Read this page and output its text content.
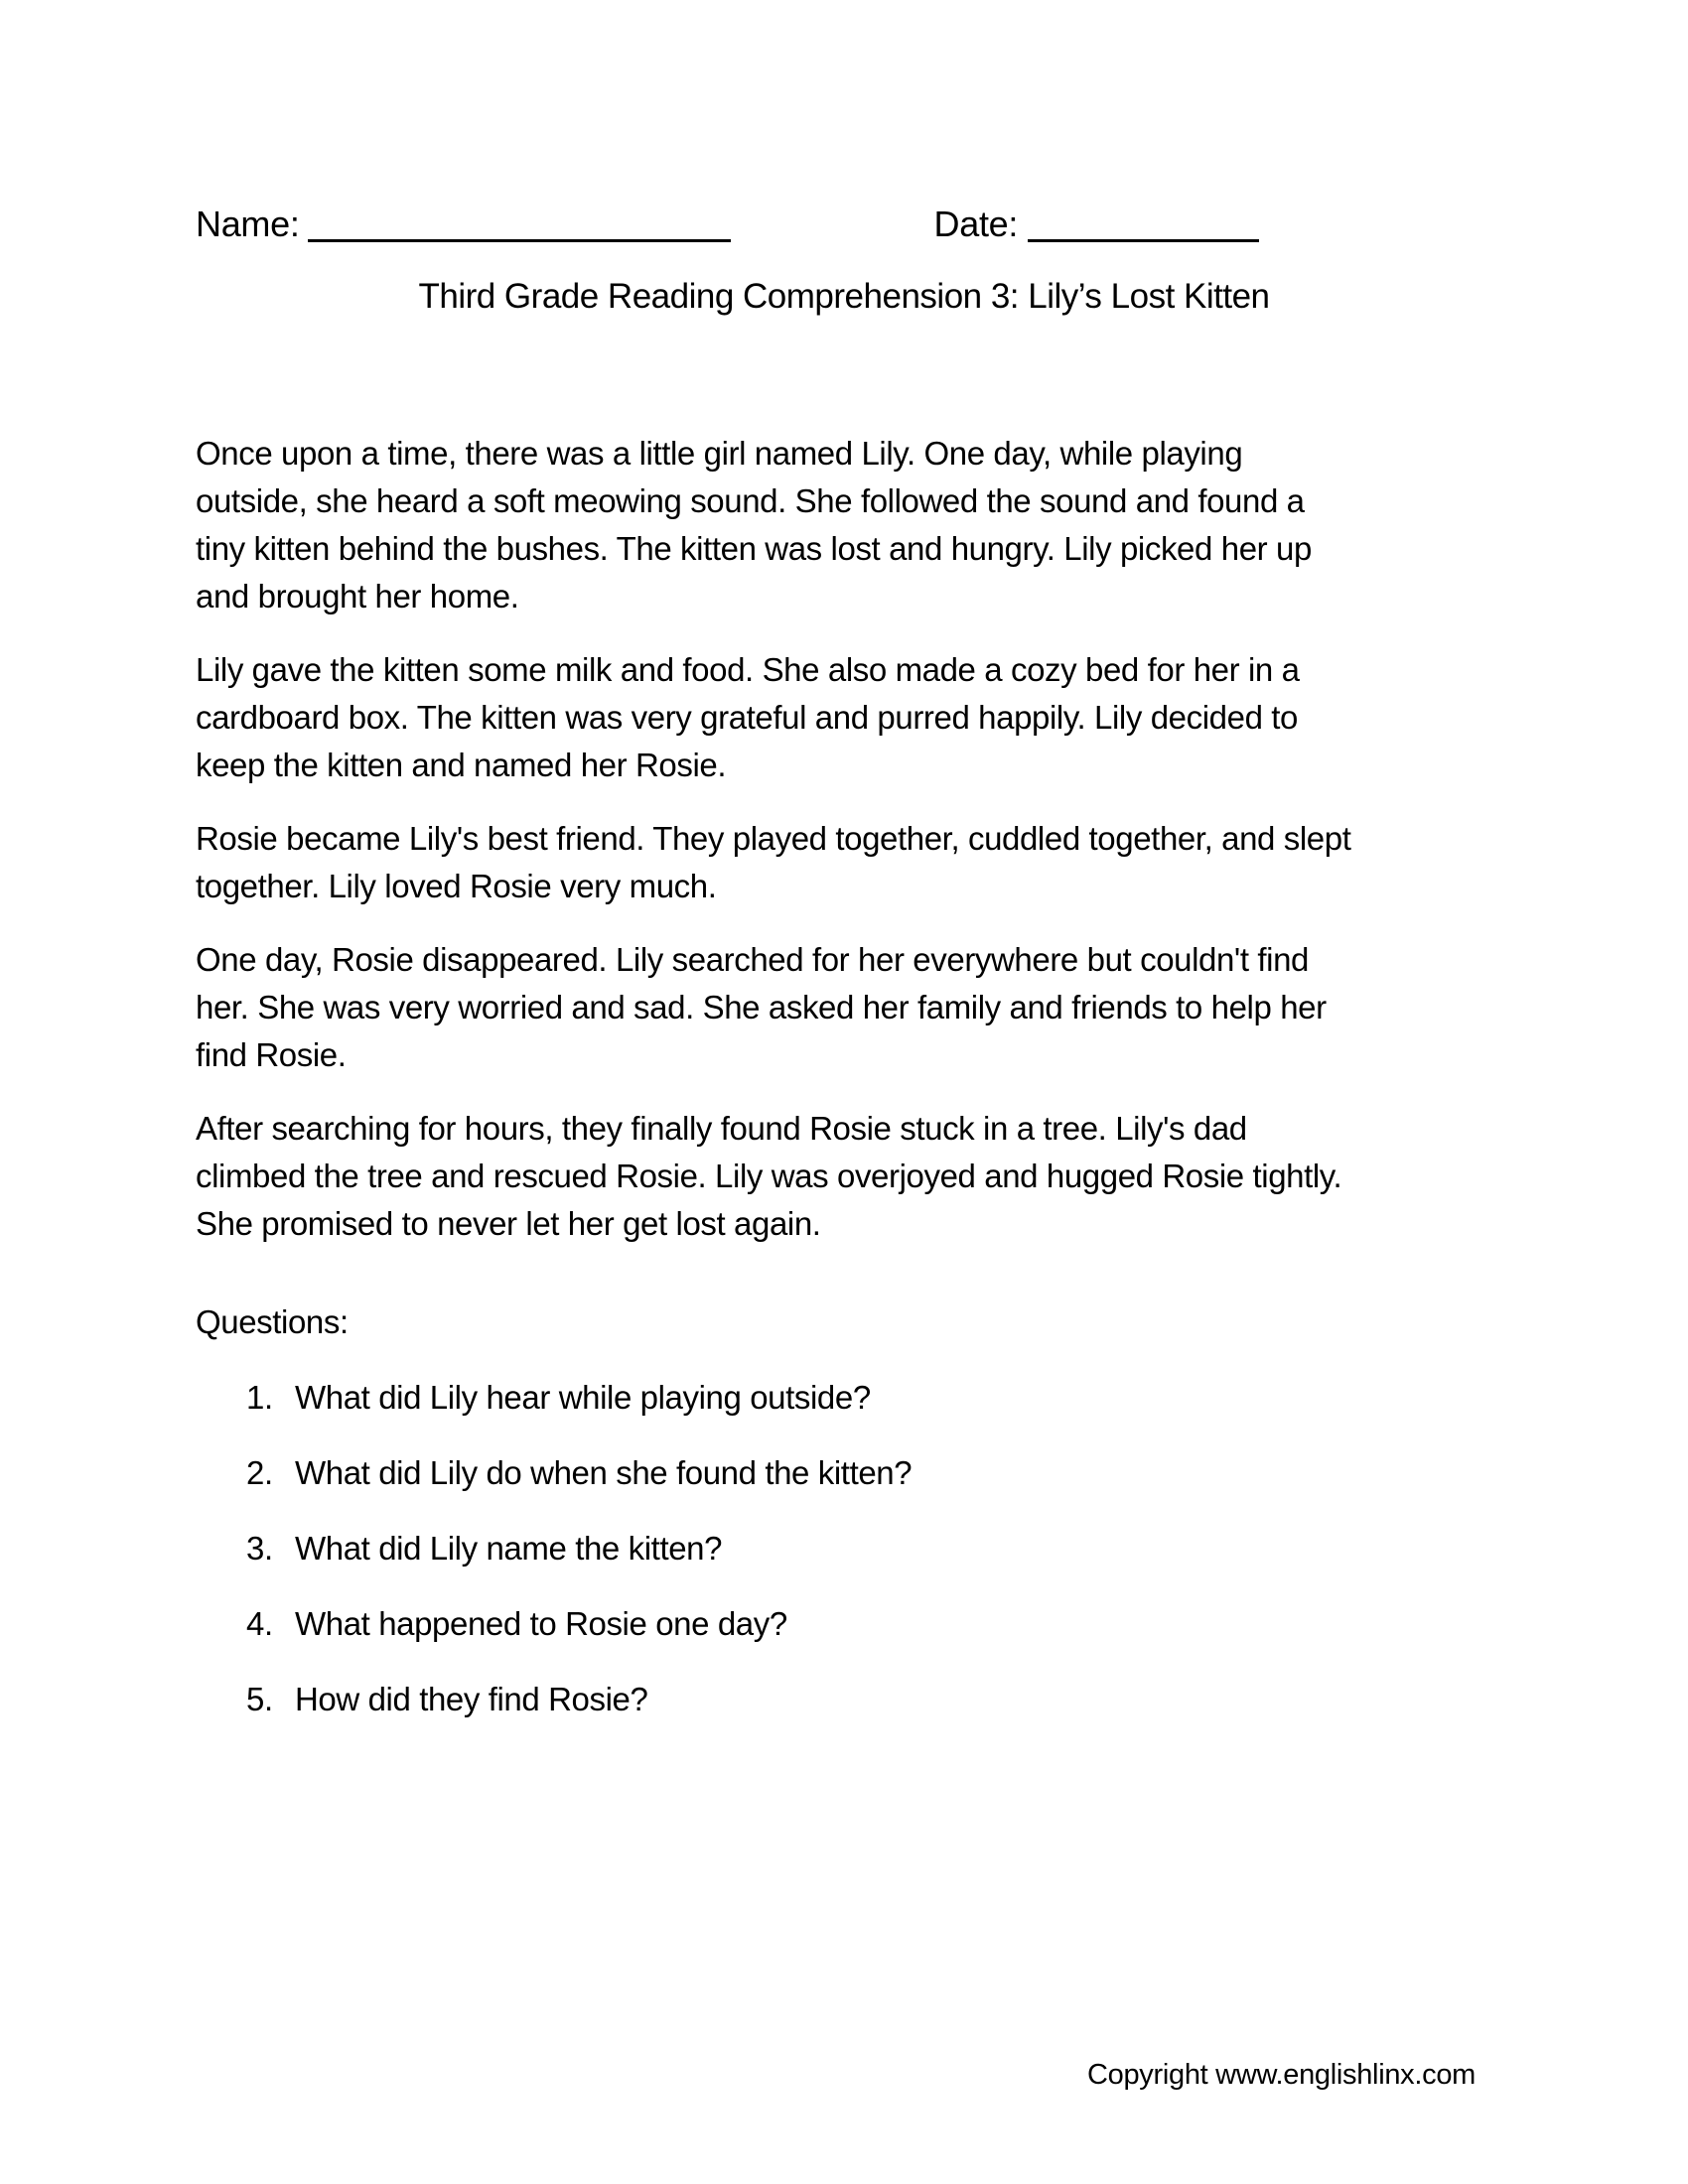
Name:	Date:
Third Grade Reading Comprehension 3: Lily’s Lost Kitten
Once upon a time, there was a little girl named Lily. One day, while playing
outside, she heard a soft meowing sound. She followed the sound and found a
tiny kitten behind the bushes. The kitten was lost and hungry. Lily picked her up
and brought her home.
Lily gave the kitten some milk and food. She also made a cozy bed for her in a
cardboard box. The kitten was very grateful and purred happily. Lily decided to
keep the kitten and named her Rosie.
Rosie became Lily's best friend. They played together, cuddled together, and slept
together. Lily loved Rosie very much.
One day, Rosie disappeared. Lily searched for her everywhere but couldn't find
her. She was very worried and sad. She asked her family and friends to help her
find Rosie.
After searching for hours, they finally found Rosie stuck in a tree. Lily's dad
climbed the tree and rescued Rosie. Lily was overjoyed and hugged Rosie tightly.
She promised to never let her get lost again.
Questions:
1. What did Lily hear while playing outside?
2. What did Lily do when she found the kitten?
3. What did Lily name the kitten?
4. What happened to Rosie one day?
5. How did they find Rosie?
Copyright www.englishlinx.com
